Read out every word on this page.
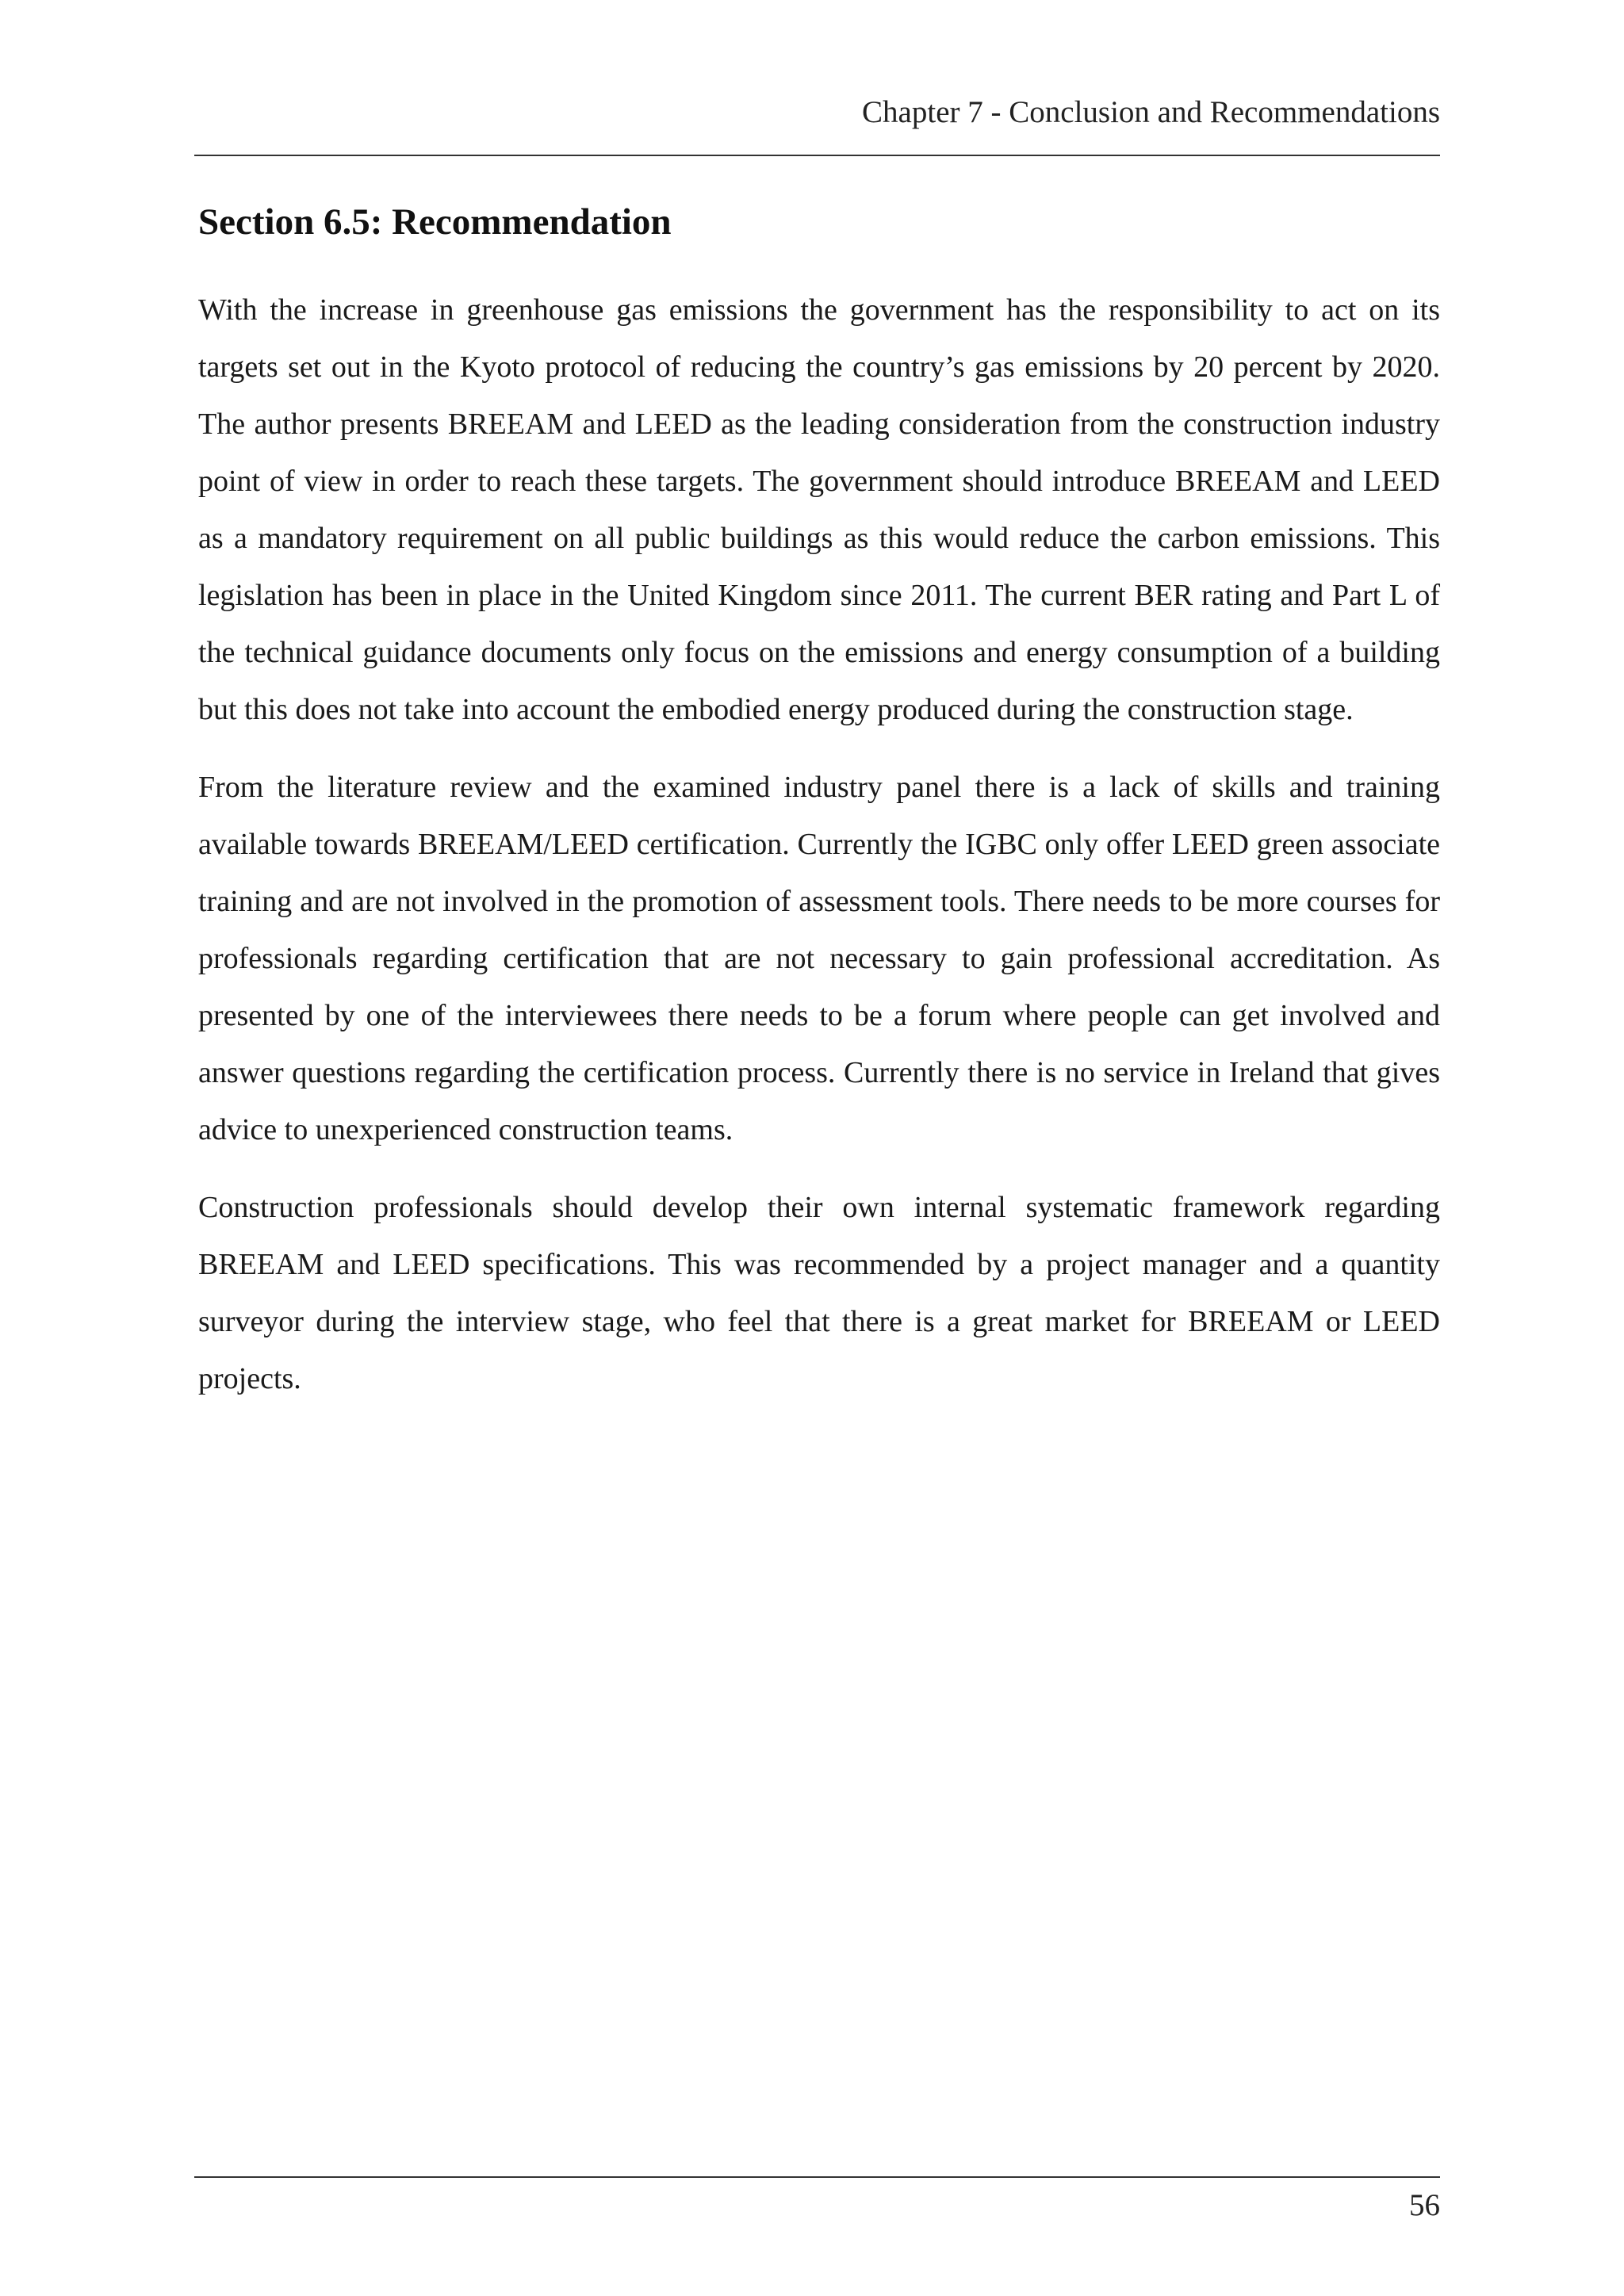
Chapter 7 - Conclusion and Recommendations
Section 6.5: Recommendation

With the increase in greenhouse gas emissions the government has the responsibility to act on its targets set out in the Kyoto protocol of reducing the country’s gas emissions by 20 percent by 2020. The author presents BREEAM and LEED as the leading consideration from the construction industry point of view in order to reach these targets. The government should introduce BREEAM and LEED as a mandatory requirement on all public buildings as this would reduce the carbon emissions. This legislation has been in place in the United Kingdom since 2011. The current BER rating and Part L of the technical guidance documents only focus on the emissions and energy consumption of a building but this does not take into account the embodied energy produced during the construction stage.

From the literature review and the examined industry panel there is a lack of skills and training available towards BREEAM/LEED certification. Currently the IGBC only offer LEED green associate training and are not involved in the promotion of assessment tools. There needs to be more courses for professionals regarding certification that are not necessary to gain professional accreditation. As presented by one of the interviewees there needs to be a forum where people can get involved and answer questions regarding the certification process. Currently there is no service in Ireland that gives advice to unexperienced construction teams.

Construction professionals should develop their own internal systematic framework regarding BREEAM and LEED specifications. This was recommended by a project manager and a quantity surveyor during the interview stage, who feel that there is a great market for BREEAM or LEED projects.

56
